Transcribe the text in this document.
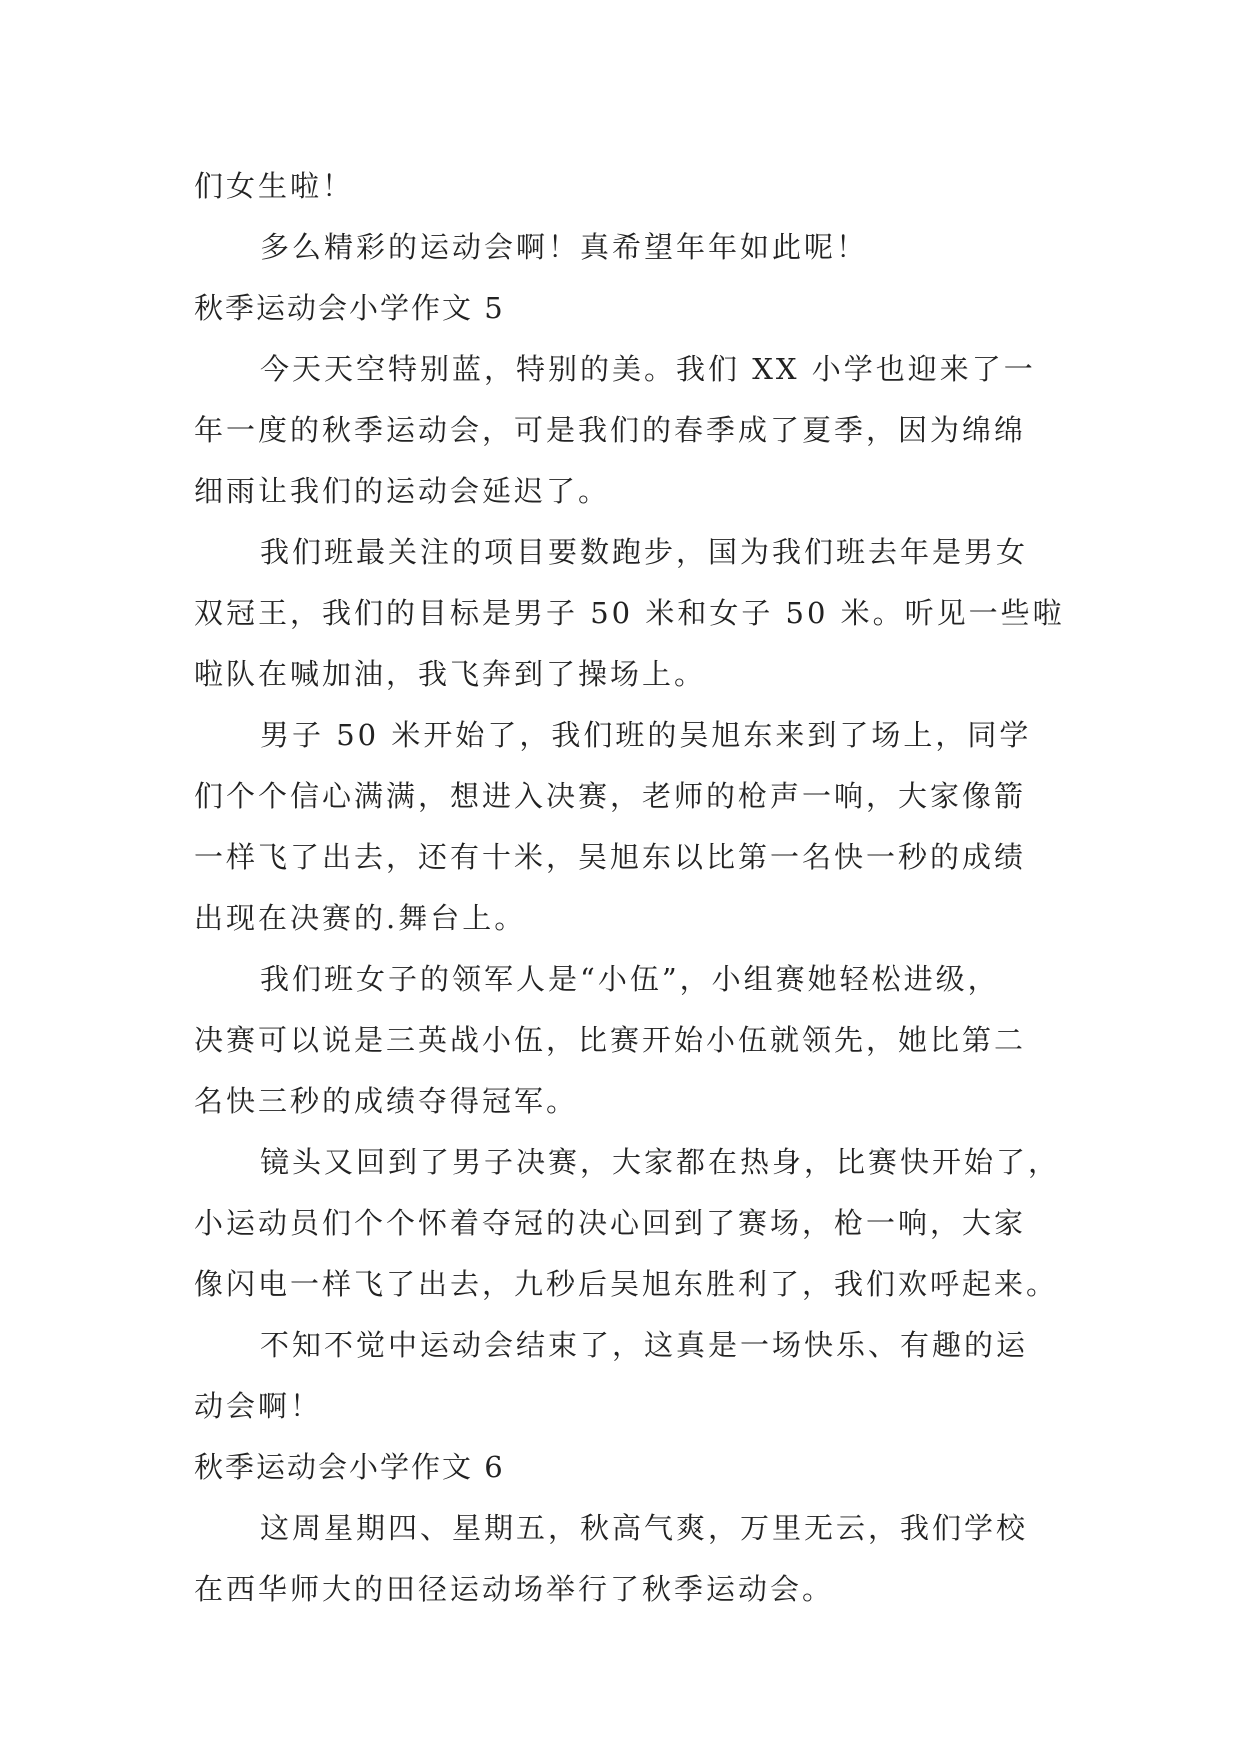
们女生啦！
多么精彩的运动会啊！真希望年年如此呢！
秋季运动会小学作文 5
今天天空特别蓝，特别的美。我们 XX 小学也迎来了一
年一度的秋季运动会，可是我们的春季成了夏季，因为绵绵
细雨让我们的运动会延迟了。
我们班最关注的项目要数跑步，国为我们班去年是男女
双冠王，我们的目标是男子 50 米和女子 50 米。听见一些啦
啦队在喊加油，我飞奔到了操场上。
男子 50 米开始了，我们班的吴旭东来到了场上，同学
们个个信心满满，想进入决赛，老师的枪声一响，大家像箭
一样飞了出去，还有十米，吴旭东以比第一名快一秒的成绩
出现在决赛的.舞台上。
我们班女子的领军人是“小伍”，小组赛她轻松进级，
决赛可以说是三英战小伍，比赛开始小伍就领先，她比第二
名快三秒的成绩夺得冠军。
镜头又回到了男子决赛，大家都在热身，比赛快开始了，
小运动员们个个怀着夺冠的决心回到了赛场，枪一响，大家
像闪电一样飞了出去，九秒后吴旭东胜利了，我们欢呼起来。
不知不觉中运动会结束了，这真是一场快乐、有趣的运
动会啊！
秋季运动会小学作文 6
这周星期四、星期五，秋高气爽，万里无云，我们学校
在西华师大的田径运动场举行了秋季运动会。
